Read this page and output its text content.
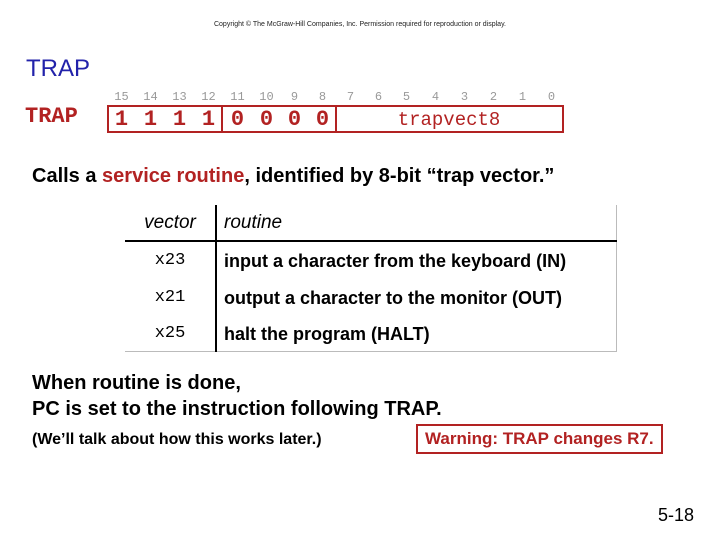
Copyright © The McGraw-Hill Companies, Inc. Permission required for reproduction or display.
TRAP
TRAP
15	14	13	12	11	10	9	8	7	6	5	4	3	2	1	0
1 1 1 1 0 0 0 0	trapvect8
Calls a service routine, identified by 8-bit “trap vector.”
vector	routine
x23	input a character from the keyboard (IN)
x21	output a character to the monitor (OUT)
x25	halt the program (HALT)
When routine is done,
PC is set to the instruction following TRAP.
(We’ll talk about how this works later.)	Warning: TRAP changes R7.
5-18
